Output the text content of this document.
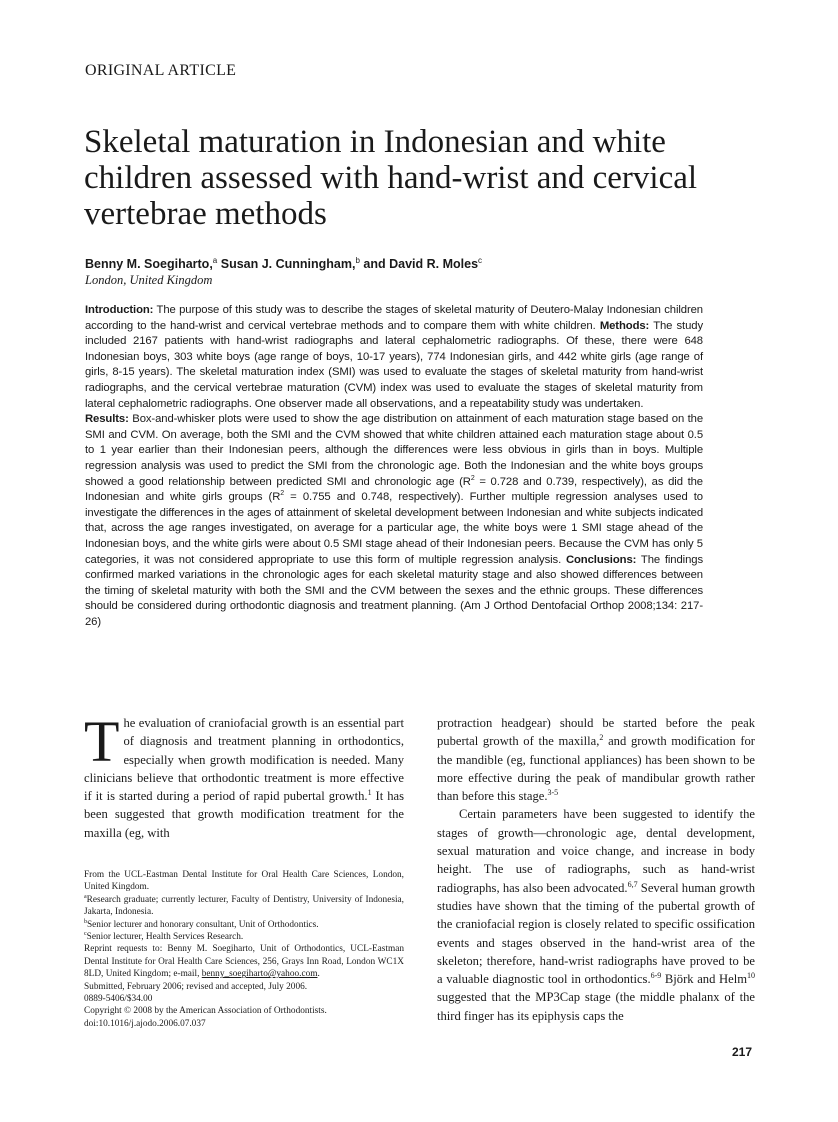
ORIGINAL ARTICLE
Skeletal maturation in Indonesian and white
children assessed with hand-wrist and cervical
vertebrae methods
Benny M. Soegiharto,$^a$ Susan J. Cunningham,$^b$ and David R. Moles$^c$
London, United Kingdom

Introduction: The purpose of this study was to describe the stages of skeletal maturity of Deutero-Malay Indonesian children according to the hand-wrist and cervical vertebrae methods and to compare them with white children. Methods: The study included 2167 patients with hand-wrist radiographs and lateral cephalometric radiographs. Of these, there were 648 Indonesian boys, 303 white boys (age range of boys, 10-17 years), 774 Indonesian girls, and 442 white girls (age range of girls, 8-15 years). The skeletal maturation index (SMI) was used to evaluate the stages of skeletal maturity from hand-wrist radiographs, and the cervical vertebrae maturation (CVM) index was used to evaluate the stages of skeletal maturity from lateral cephalometric radiographs. One observer made all observations, and a repeatability study was undertaken.
Results: Box-and-whisker plots were used to show the age distribution on attainment of each maturation stage based on the SMI and CVM. On average, both the SMI and the CVM showed that white children attained each maturation stage about 0.5 to 1 year earlier than their Indonesian peers, although the differences were less obvious in girls than in boys. Multiple regression analysis was used to predict the SMI from the chronologic age. Both the Indonesian and the white boys groups showed a good relationship between predicted SMI and chronologic age ($R^2 = 0.728$ and 0.739, respectively), as did the Indonesian and white girls groups ($R^2 = 0.755$ and 0.748, respectively). Further multiple regression analyses used to investigate the differences in the ages of attainment of skeletal development between Indonesian and white subjects indicated that, across the age ranges investigated, on average for a particular age, the white boys were 1 SMI stage ahead of the Indonesian boys, and the white girls were about 0.5 SMI stage ahead of their Indonesian peers. Because the CVM has only 5 categories, it was not considered appropriate to use this form of multiple regression analysis. Conclusions: The findings confirmed marked variations in the chronologic ages for each skeletal maturity stage and also showed differences between the timing of skeletal maturity with both the SMI and the CVM between the sexes and the ethnic groups. These differences should be considered during orthodontic diagnosis and treatment planning. (Am J Orthod Dentofacial Orthop 2008;134: 217-26)

The evaluation of craniofacial growth is an essential part of diagnosis and treatment planning in orthodontics, especially when growth modification is needed. Many clinicians believe that orthodontic treatment is more effective if it is started during a period of rapid pubertal growth.$^1$ It has been suggested that growth modification treatment for the maxilla (eg, with

protraction headgear) should be started before the peak pubertal growth of the maxilla,$^2$ and growth modification for the mandible (eg, functional appliances) has been shown to be more effective during the peak of mandibular growth rather than before this stage.$^{3-5}$
Certain parameters have been suggested to identify the stages of growth—chronologic age, dental development, sexual maturation and voice change, and increase in body height. The use of radiographs, such as hand-wrist radiographs, has also been advocated.$^{6,7}$ Several human growth studies have shown that the timing of the pubertal growth of the craniofacial region is closely related to specific ossification events and stages observed in the hand-wrist area of the skeleton; therefore, hand-wrist radiographs have proved to be a valuable diagnostic tool in orthodontics.$^{6-9}$ Björk and Helm$^{10}$ suggested that the MP3Cap stage (the middle phalanx of the third finger has its epiphysis caps the

From the UCL-Eastman Dental Institute for Oral Health Care Sciences, London, United Kingdom.
$^a$Research graduate; currently lecturer, Faculty of Dentistry, University of Indonesia, Jakarta, Indonesia.
$^b$Senior lecturer and honorary consultant, Unit of Orthodontics.
$^c$Senior lecturer, Health Services Research.
Reprint requests to: Benny M. Soegiharto, Unit of Orthodontics, UCL-Eastman Dental Institute for Oral Health Care Sciences, 256, Grays Inn Road, London WC1X 8LD, United Kingdom; e-mail, benny_soegiharto@yahoo.com.
Submitted, February 2006; revised and accepted, July 2006.
0889-5406/$34.00
Copyright © 2008 by the American Association of Orthodontists.
doi:10.1016/j.ajodo.2006.07.037
217
